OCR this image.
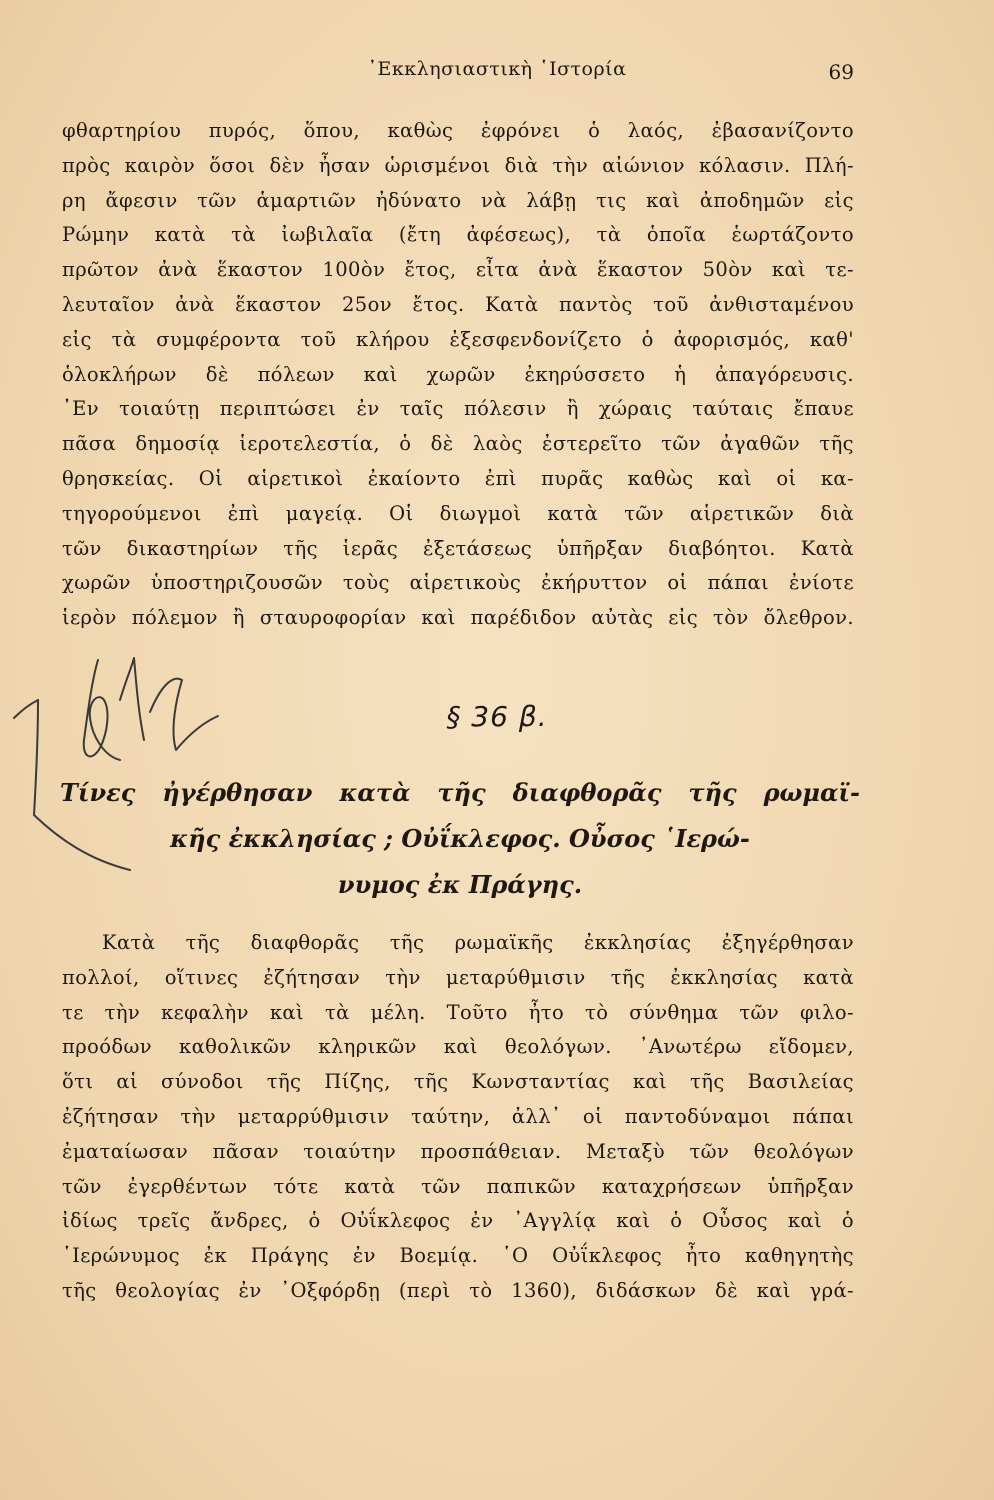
᾿Εκκλησιαστικὴ ῾Ιστορία	69
φθαρτηρίου πυρός, ὅπου, καθὼς ἐφρόνει ὁ λαός, ἐβασανίζοντο
πρὸς καιρὸν ὅσοι δὲν ἦσαν ὡρισμένοι διὰ τὴν αἰώνιον κόλασιν. Πλή-
ρη ἄφεσιν τῶν ἁμαρτιῶν ἠδύνατο νὰ λάβῃ τις καὶ ἀποδημῶν εἰς
Ρώμην κατὰ τὰ ἰωβιλαῖα (ἔτη ἀφέσεως), τὰ ὁποῖα ἑωρτάζοντο
πρῶτον ἀνὰ ἕκαστον 100ὸν ἔτος, εἶτα ἀνὰ ἕκαστον 50ὸν καὶ τε-
λευταῖον ἀνὰ ἕκαστον 25ον ἔτος. Κατὰ παντὸς τοῦ ἀνθισταμένου
εἰς τὰ συμφέροντα τοῦ κλήρου ἐξεσφενδονίζετο ὁ ἀφορισμός, καθ'
ὁλοκλήρων δὲ πόλεων καὶ χωρῶν ἐκηρύσσετο ἡ ἀπαγόρευσις.
᾿Εν τοιαύτῃ περιπτώσει ἐν ταῖς πόλεσιν ἢ χώραις ταύταις ἔπαυε
πᾶσα δημοσίᾳ ἱεροτελεστία, ὁ δὲ λαὸς ἐστερεῖτο τῶν ἀγαθῶν τῆς
θρησκείας. Οἱ αἱρετικοὶ ἐκαίοντο ἐπὶ πυρᾶς καθὼς καὶ οἱ κα-
τηγορούμενοι ἐπὶ μαγείᾳ. Οἱ διωγμοὶ κατὰ τῶν αἱρετικῶν διὰ
τῶν δικαστηρίων τῆς ἱερᾶς ἐξετάσεως ὑπῆρξαν διαβόητοι. Κατὰ
χωρῶν ὑποστηριζουσῶν τοὺς αἱρετικοὺς ἐκήρυττον οἱ πάπαι ἐνίοτε
ἱερὸν πόλεμον ἢ σταυροφορίαν καὶ παρέδιδον αὐτὰς εἰς τὸν ὄλεθρον.
§ 36 β.
Τίνες ἠγέρθησαν κατὰ τῆς διαφθορᾶς τῆς ρωμαϊ-
κῆς ἐκκλησίας ; Οὐΐκλεφος. Οὖσος ῾Ιερώ-
νυμος ἐκ Πράγης.
Κατὰ τῆς διαφθορᾶς τῆς ρωμαϊκῆς ἐκκλησίας ἐξηγέρθησαν
πολλοί, οἵτινες ἐζήτησαν τὴν μεταρύθμισιν τῆς ἐκκλησίας κατὰ
τε τὴν κεφαλὴν καὶ τὰ μέλη. Τοῦτο ἦτο τὸ σύνθημα τῶν φιλο-
προόδων καθολικῶν κληρικῶν καὶ θεολόγων. ᾿Ανωτέρω εἴδομεν,
ὅτι αἱ σύνοδοι τῆς Πίζης, τῆς Κωνσταντίας καὶ τῆς Βασιλείας
ἐζήτησαν τὴν μεταρρύθμισιν ταύτην, ἀλλ᾿ οἱ παντοδύναμοι πάπαι
ἐματαίωσαν πᾶσαν τοιαύτην προσπάθειαν. Μεταξὺ τῶν θεολόγων
τῶν ἐγερθέντων τότε κατὰ τῶν παπικῶν καταχρήσεων ὑπῆρξαν
ἰδίως τρεῖς ἄνδρες, ὁ Οὐΐκλεφος ἐν ᾿Αγγλίᾳ καὶ ὁ Οὖσος καὶ ὁ
῾Ιερώνυμος ἐκ Πράγης ἐν Βοεμίᾳ. ῾Ο Οὐΐκλεφος ἦτο καθηγητὴς
τῆς θεολογίας ἐν ᾿Οξφόρδῃ (περὶ τὸ 1360), διδάσκων δὲ καὶ γρά-
